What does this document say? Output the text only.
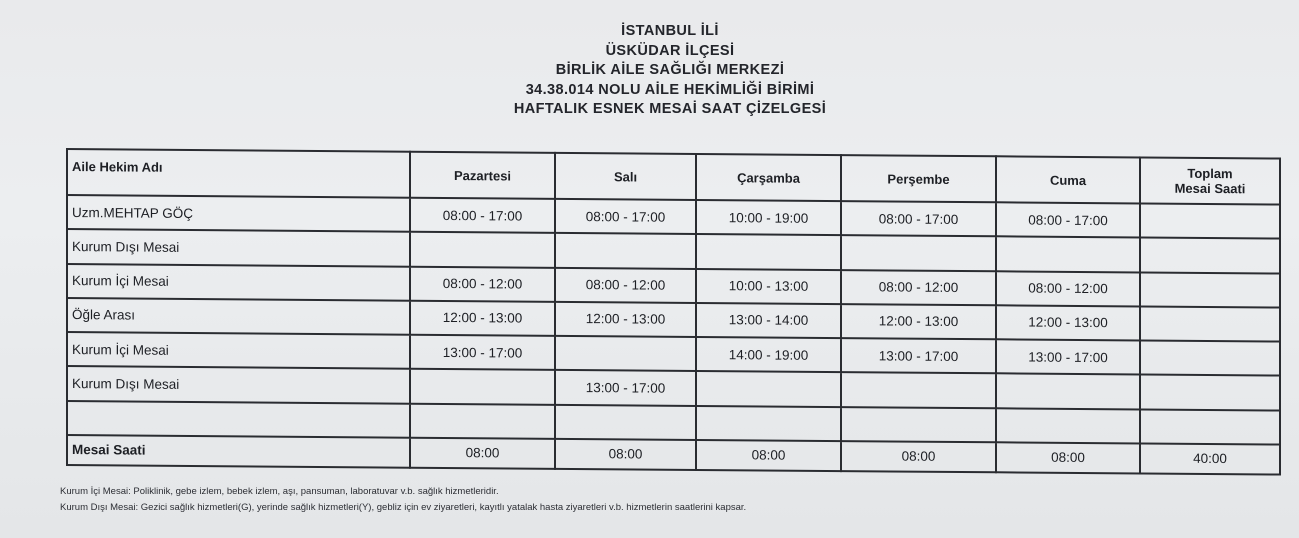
İSTANBUL İLİ
ÜSKÜDAR İLÇESİ
BİRLİK AİLE SAĞLIĞI MERKEZİ
34.38.014 NOLU AİLE HEKİMLİĞİ BİRİMİ
HAFTALIK ESNEK MESAİ SAAT ÇİZELGESİ
Aile Hekim Adı	Pazartesi	Salı	Çarşamba	Perşembe	Cuma	Toplam
Mesai Saati

Uzm.MEHTAP GÖÇ	08:00 - 17:00	08:00 - 17:00	10:00 - 19:00	08:00 - 17:00	08:00 - 17:00	
Kurum Dışı Mesai						
Kurum İçi Mesai	08:00 - 12:00	08:00 - 12:00	10:00 - 13:00	08:00 - 12:00	08:00 - 12:00	
Öğle Arası	12:00 - 13:00	12:00 - 13:00	13:00 - 14:00	12:00 - 13:00	12:00 - 13:00	
Kurum İçi Mesai	13:00 - 17:00		14:00 - 19:00	13:00 - 17:00	13:00 - 17:00	
Kurum Dışı Mesai		13:00 - 17:00				

Mesai Saati	08:00	08:00	08:00	08:00	08:00	40:00
Kurum İçi Mesai: Poliklinik, gebe izlem, bebek izlem, aşı, pansuman, laboratuvar v.b. sağlık hizmetleridir.
Kurum Dışı Mesai: Gezici sağlık hizmetleri(G), yerinde sağlık hizmetleri(Y), gebliz için ev ziyaretleri, kayıtlı yatalak hasta ziyaretleri v.b. hizmetlerin saatlerini kapsar.
